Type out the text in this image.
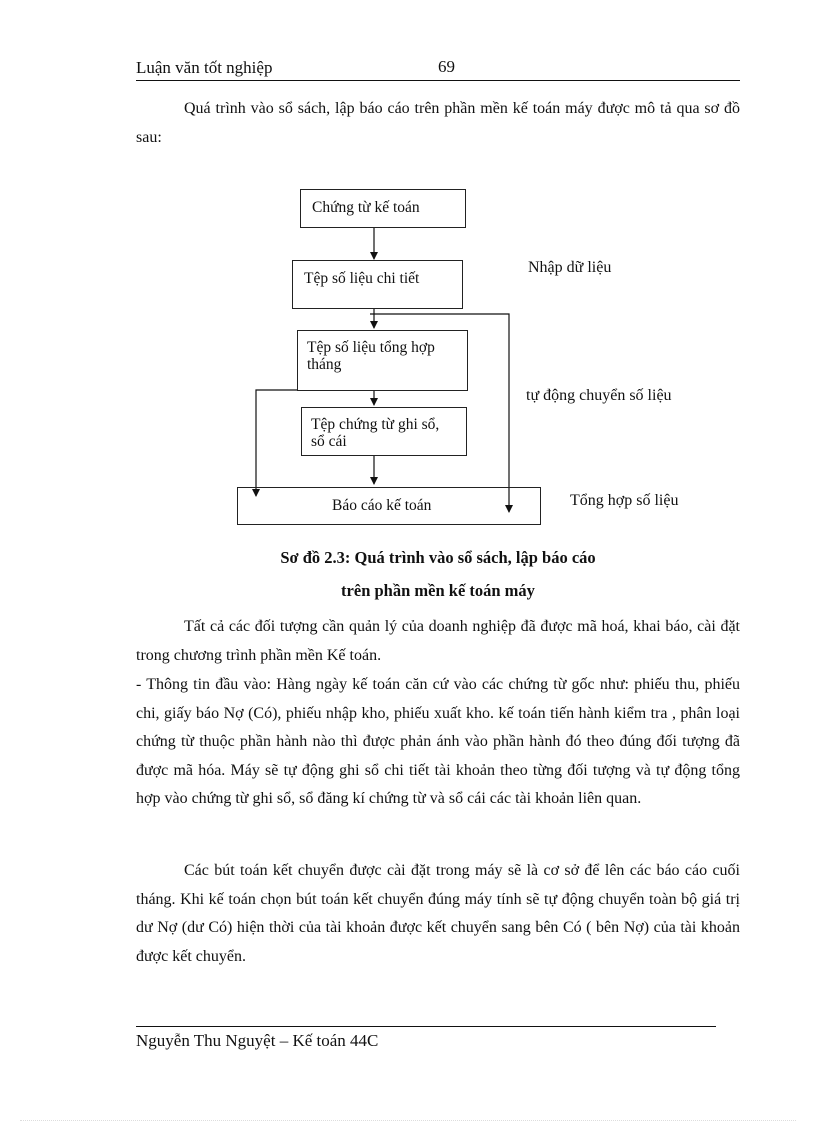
Luận văn tốt nghiệp	69
Quá trình vào sổ sách, lập báo cáo trên phần mền kế toán máy được mô tả qua sơ đồ sau:
Chứng từ kế toán
Tệp số liệu chi tiết
Tệp số liệu tổng hợp tháng
Tệp chứng từ ghi sổ, sổ cái
Báo cáo kế toán
Nhập dữ liệu
tự động chuyển số liệu
Tổng hợp số liệu
Sơ đồ 2.3: Quá trình vào sổ sách, lập báo cáo
trên phần mền kế toán máy
Tất cả các đối tượng cần quản lý của doanh nghiệp đã được mã hoá, khai báo, cài đặt trong chương trình phần mền Kế toán.
- Thông tin đầu vào: Hàng ngày kế toán căn cứ vào các chứng từ gốc như: phiếu thu, phiếu chi, giấy báo Nợ (Có), phiếu nhập kho, phiếu xuất kho. kế toán tiến hành kiểm tra , phân loại chứng từ thuộc phần hành nào thì được phản ánh vào phần hành đó theo đúng đối tượng đã được mã hóa. Máy sẽ tự động ghi sổ chi tiết tài khoản theo từng đối tượng và tự động tổng hợp vào chứng từ ghi sổ, sổ đăng kí chứng từ và sổ cái các tài khoản liên quan.
Các bút toán kết chuyển được cài đặt trong máy sẽ là cơ sở để lên các báo cáo cuối tháng. Khi kế toán chọn bút toán kết chuyển đúng máy tính sẽ tự động chuyển toàn bộ giá trị dư Nợ (dư Có) hiện thời của tài khoản được kết chuyển sang bên Có ( bên Nợ) của tài khoản được kết chuyển.
Nguyễn Thu Nguyệt – Kế toán 44C
